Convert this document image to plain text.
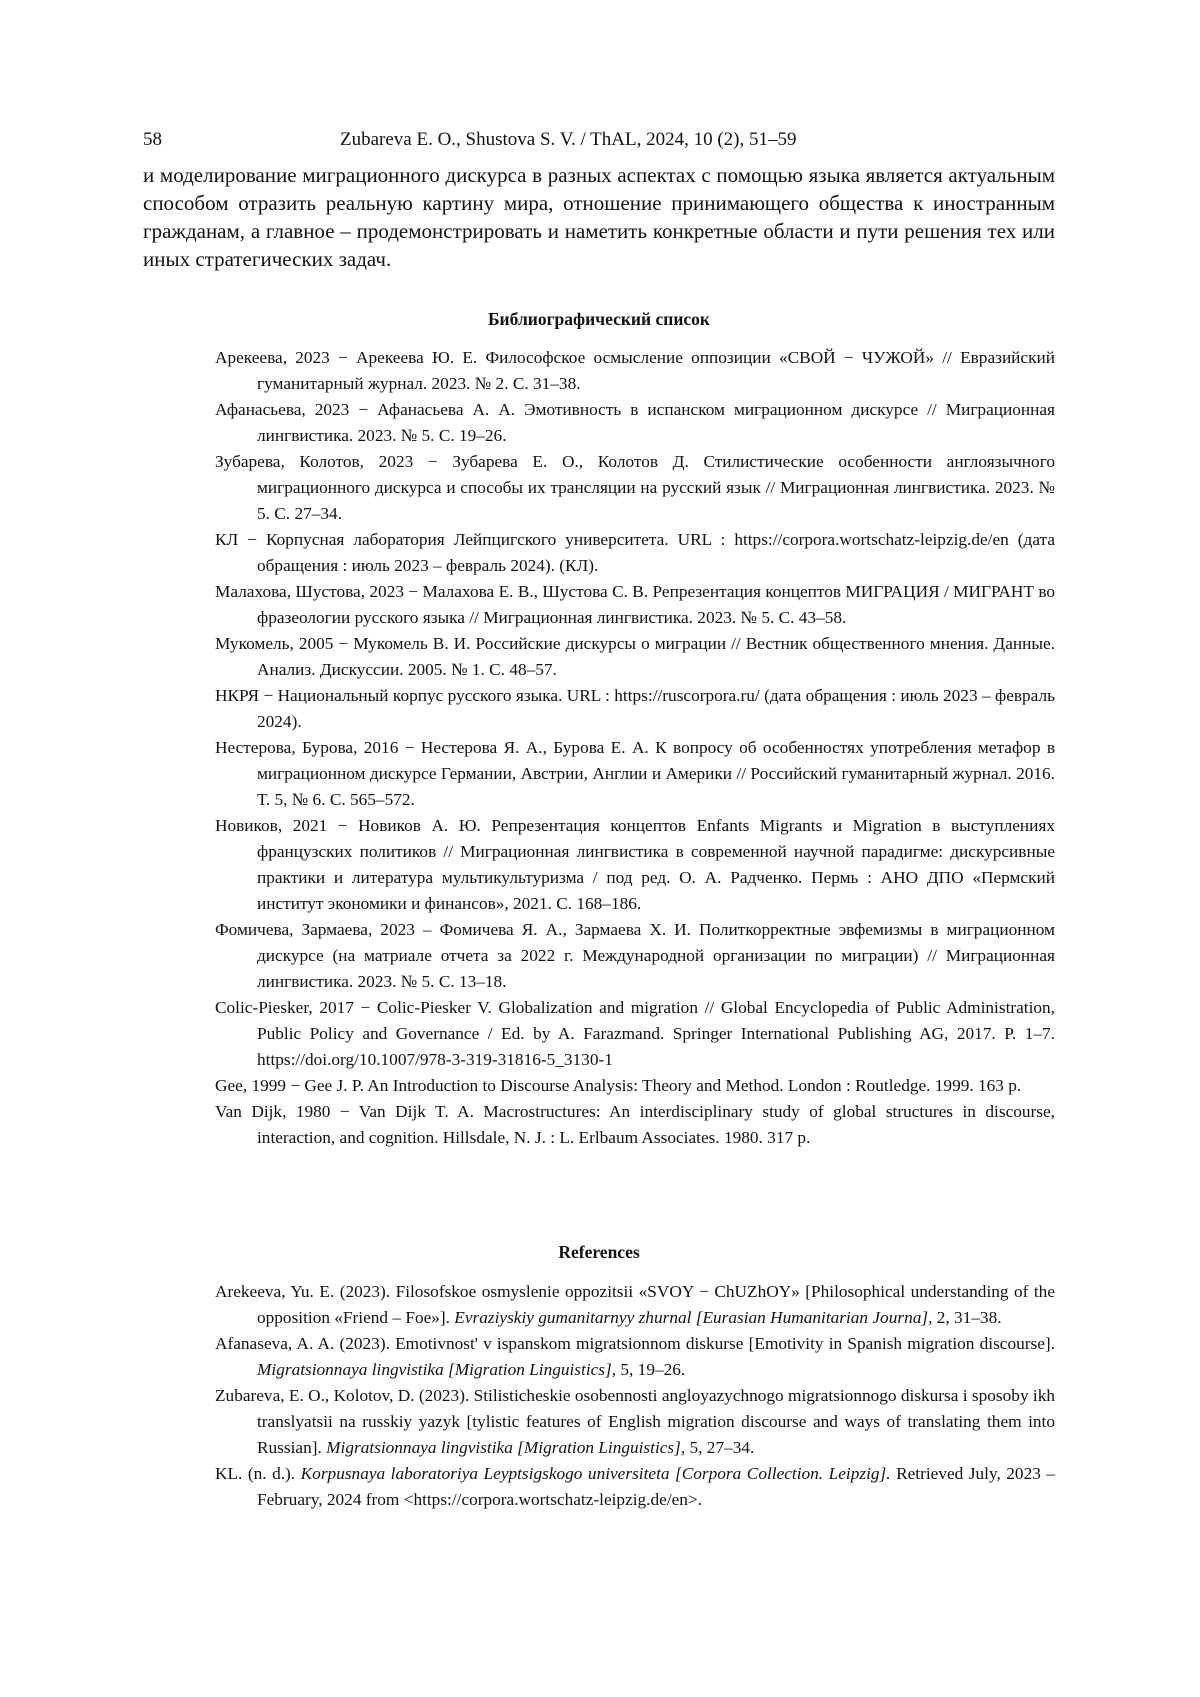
58	Zubareva E. O., Shustova S. V. / ThAL, 2024, 10 (2), 51–59

и моделирование миграционного дискурса в разных аспектах с помощью языка является актуальным способом отразить реальную картину мира, отношение принимающего общества к иностранным гражданам, а главное – продемонстрировать и наметить конкретные области и пути решения тех или иных стратегических задач.

Библиографический список
Арекеева, 2023 − Арекеева Ю. Е. Философское осмысление оппозиции «СВОЙ − ЧУЖОЙ» // Евразийский гуманитарный журнал. 2023. № 2. С. 31–38.
Афанасьева, 2023 − Афанасьева А. А. Эмотивность в испанском миграционном дискурсе // Миграционная лингвистика. 2023. № 5. С. 19–26.
Зубарева, Колотов, 2023 − Зубарева Е. О., Колотов Д. Стилистические особенности англоязычного миграционного дискурса и способы их трансляции на русский язык // Миграционная лингвистика. 2023. № 5. С. 27–34.
КЛ − Корпусная лаборатория Лейпцигского университета. URL : https://corpora.wortschatz-leipzig.de/en (дата обращения : июль 2023 – февраль 2024). (КЛ).
Малахова, Шустова, 2023 − Малахова Е. В., Шустова С. В. Репрезентация концептов МИГРАЦИЯ / МИГРАНТ во фразеологии русского языка // Миграционная лингвистика. 2023. № 5. С. 43–58.
Мукомель, 2005 − Мукомель В. И. Российские дискурсы о миграции // Вестник общественного мнения. Данные. Анализ. Дискуссии. 2005. № 1. С. 48–57.
НКРЯ − Национальный корпус русского языка. URL : https://ruscorpora.ru/ (дата обращения : июль 2023 – февраль 2024).
Нестерова, Бурова, 2016 − Нестерова Я. А., Бурова Е. А. К вопросу об особенностях употребления метафор в миграционном дискурсе Германии, Австрии, Англии и Америки // Российский гуманитарный журнал. 2016. Т. 5, № 6. С. 565–572.
Новиков, 2021 − Новиков А. Ю. Репрезентация концептов Enfants Migrants и Migration в выступлениях французских политиков // Миграционная лингвистика в современной научной парадигме: дискурсивные практики и литература мультикультуризма / под ред. О. А. Радченко. Пермь : АНО ДПО «Пермский институт экономики и финансов», 2021. С. 168–186.
Фомичева, Зармаева, 2023 – Фомичева Я. А., Зармаева Х. И. Политкорректные эвфемизмы в миграционном дискурсе (на матриале отчета за 2022 г. Международной организации по миграции) // Миграционная лингвистика. 2023. № 5. С. 13–18.
Colic-Piesker, 2017 − Colic-Piesker V. Globalization and migration // Global Encyclopedia of Public Administration, Public Policy and Governance / Ed. by A. Farazmand. Springer International Publishing AG, 2017. P. 1–7. https://doi.org/10.1007/978-3-319-31816-5_3130-1
Gee, 1999 − Gee J. P. An Introduction to Discourse Analysis: Theory and Method. London : Routledge. 1999. 163 p.
Van Dijk, 1980 − Van Dijk T. A. Macrostructures: An interdisciplinary study of global structures in discourse, interaction, and cognition. Hillsdale, N. J. : L. Erlbaum Associates. 1980. 317 p.
References
Arekeeva, Yu. E. (2023). Filosofskoe osmyslenie oppozitsii «SVOY − ChUZhOY» [Philosophical understanding of the opposition «Friend – Foe»]. Evraziyskiy gumanitarnyy zhurnal [Eurasian Humanitarian Journa], 2, 31–38.
Afanaseva, A. A. (2023). Emotivnost' v ispanskom migratsionnom diskurse [Emotivity in Spanish migration discourse]. Migratsionnaya lingvistika [Migration Linguistics], 5, 19–26.
Zubareva, E. O., Kolotov, D. (2023). Stilisticheskie osobennosti angloyazychnogo migratsionnogo diskursa i sposoby ikh translyatsii na russkiy yazyk [tylistic features of English migration discourse and ways of translating them into Russian]. Migratsionnaya lingvistika [Migration Linguistics], 5, 27–34.
KL. (n. d.). Korpusnaya laboratoriya Leyptsigskogo universiteta [Corpora Collection. Leipzig]. Retrieved July, 2023 – February, 2024 from <https://corpora.wortschatz-leipzig.de/en>.
